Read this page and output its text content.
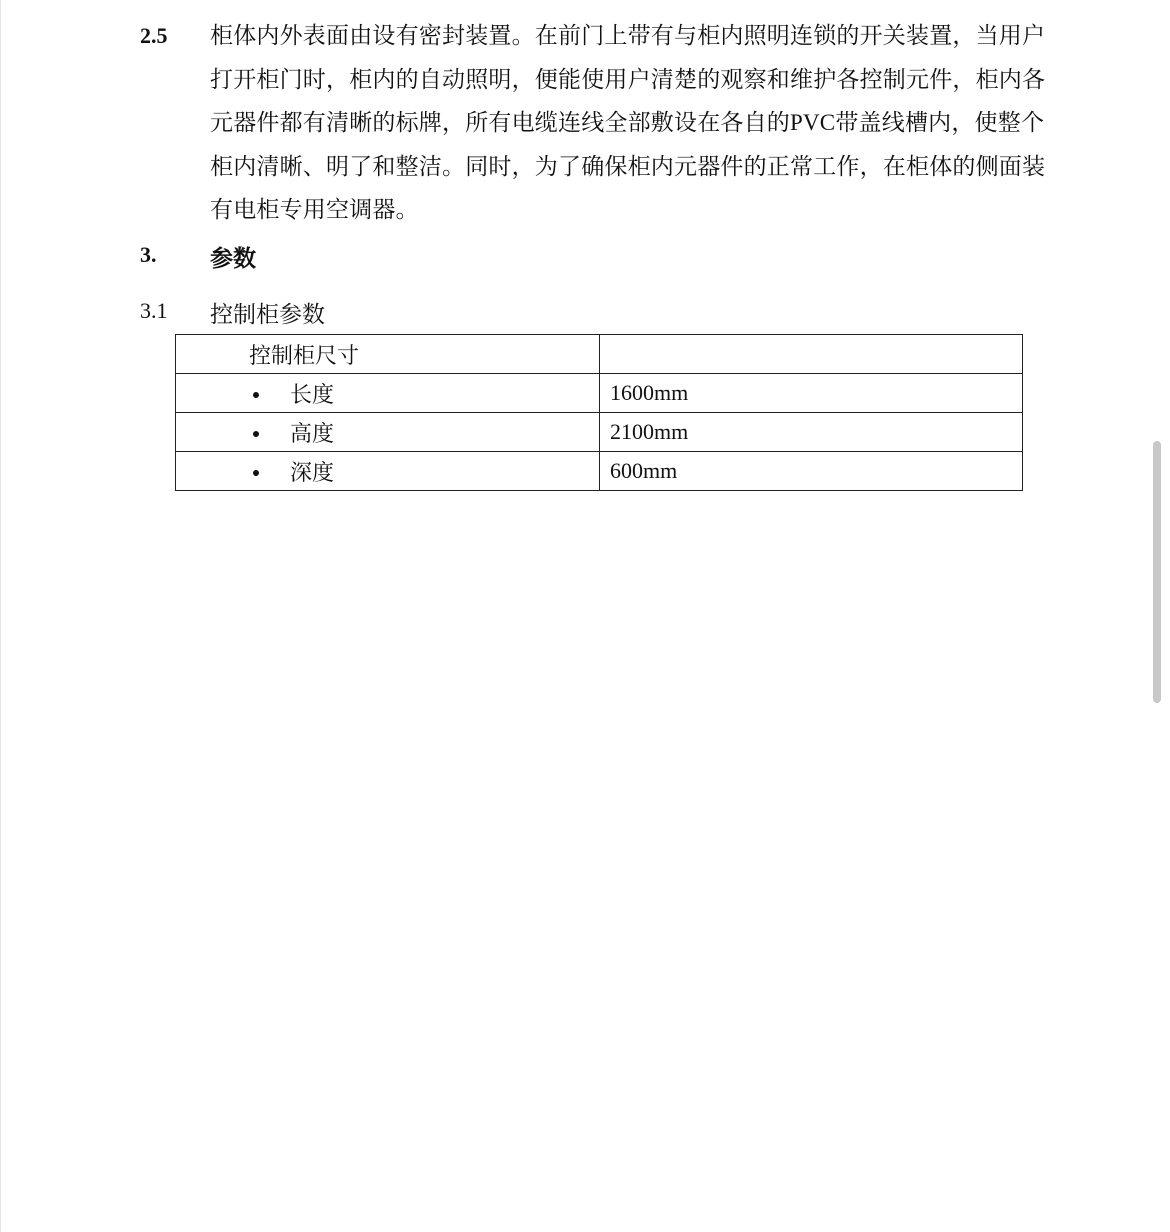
2.5 柜体内外表面由设有密封装置。在前门上带有与柜内照明连锁的开关装置，当用户
打开柜门时，柜内的自动照明，便能使用户清楚的观察和维护各控制元件，柜内各
元器件都有清晰的标牌，所有电缆连线全部敷设在各自的PVC带盖线槽内，使整个
柜内清晰、明了和整洁。同时，为了确保柜内元器件的正常工作，在柜体的侧面装
有电柜专用空调器。
3. 参数
3.1 控制柜参数
控制柜尺寸	

长度	1600mm

高度	2100mm

深度	600mm
